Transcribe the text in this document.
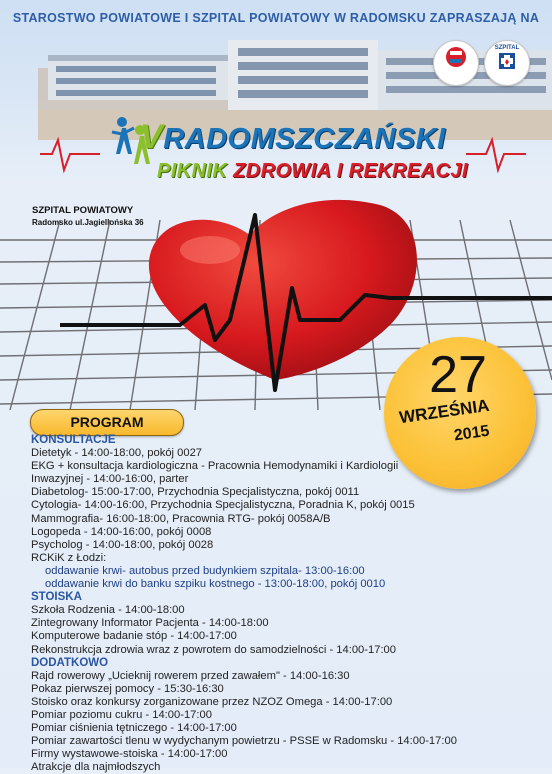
STAROSTWO POWIATOWE I SZPITAL POWIATOWY W RADOMSKU ZAPRASZAJĄ NA
SZPITAL
VRADOMSZCZAŃSKI
PIKNIK ZDROWIA I REKREACJI
SZPITAL POWIATOWY
Radomsko ul.Jagiellońska 36
27
WRZEŚNIA
2015
PROGRAM
KONSULTACJE
Dietetyk - 14:00-18:00, pokój 0027
EKG + konsultacja kardiologiczna - Pracownia Hemodynamiki i Kardiologii
Inwazyjnej - 14:00-16:00, parter
Diabetolog- 15:00-17:00, Przychodnia Specjalistyczna, pokój 0011
Cytologia- 14:00-16:00, Przychodnia Specjalistyczna, Poradnia K, pokój 0015
Mammografia- 16:00-18:00, Pracownia RTG- pokój 0058A/B
Logopeda - 14:00-16:00, pokój 0008
Psycholog - 14:00-18:00, pokój 0028
RCKiK z Łodzi:
oddawanie krwi- autobus przed budynkiem szpitala- 13:00-16:00
oddawanie krwi do banku szpiku kostnego - 13:00-18:00, pokój 0010
STOISKA
Szkoła Rodzenia - 14:00-18:00
Zintegrowany Informator Pacjenta - 14:00-18:00
Komputerowe badanie stóp - 14:00-17:00
Rekonstrukcja zdrowia wraz z powrotem do samodzielności - 14:00-17:00
DODATKOWO
Rajd rowerowy „Ucieknij rowerem przed zawałem" - 14:00-16:30
Pokaz pierwszej pomocy - 15:30-16:30
Stoisko oraz konkursy zorganizowane przez NZOZ Omega - 14:00-17:00
Pomiar poziomu cukru - 14:00-17:00
Pomiar ciśnienia tętniczego - 14:00-17:00
Pomiar zawartości tlenu w wydychanym powietrzu - PSSE w Radomsku - 14:00-17:00
Firmy wystawowe-stoiska - 14:00-17:00
Atrakcje dla najmłodszych
